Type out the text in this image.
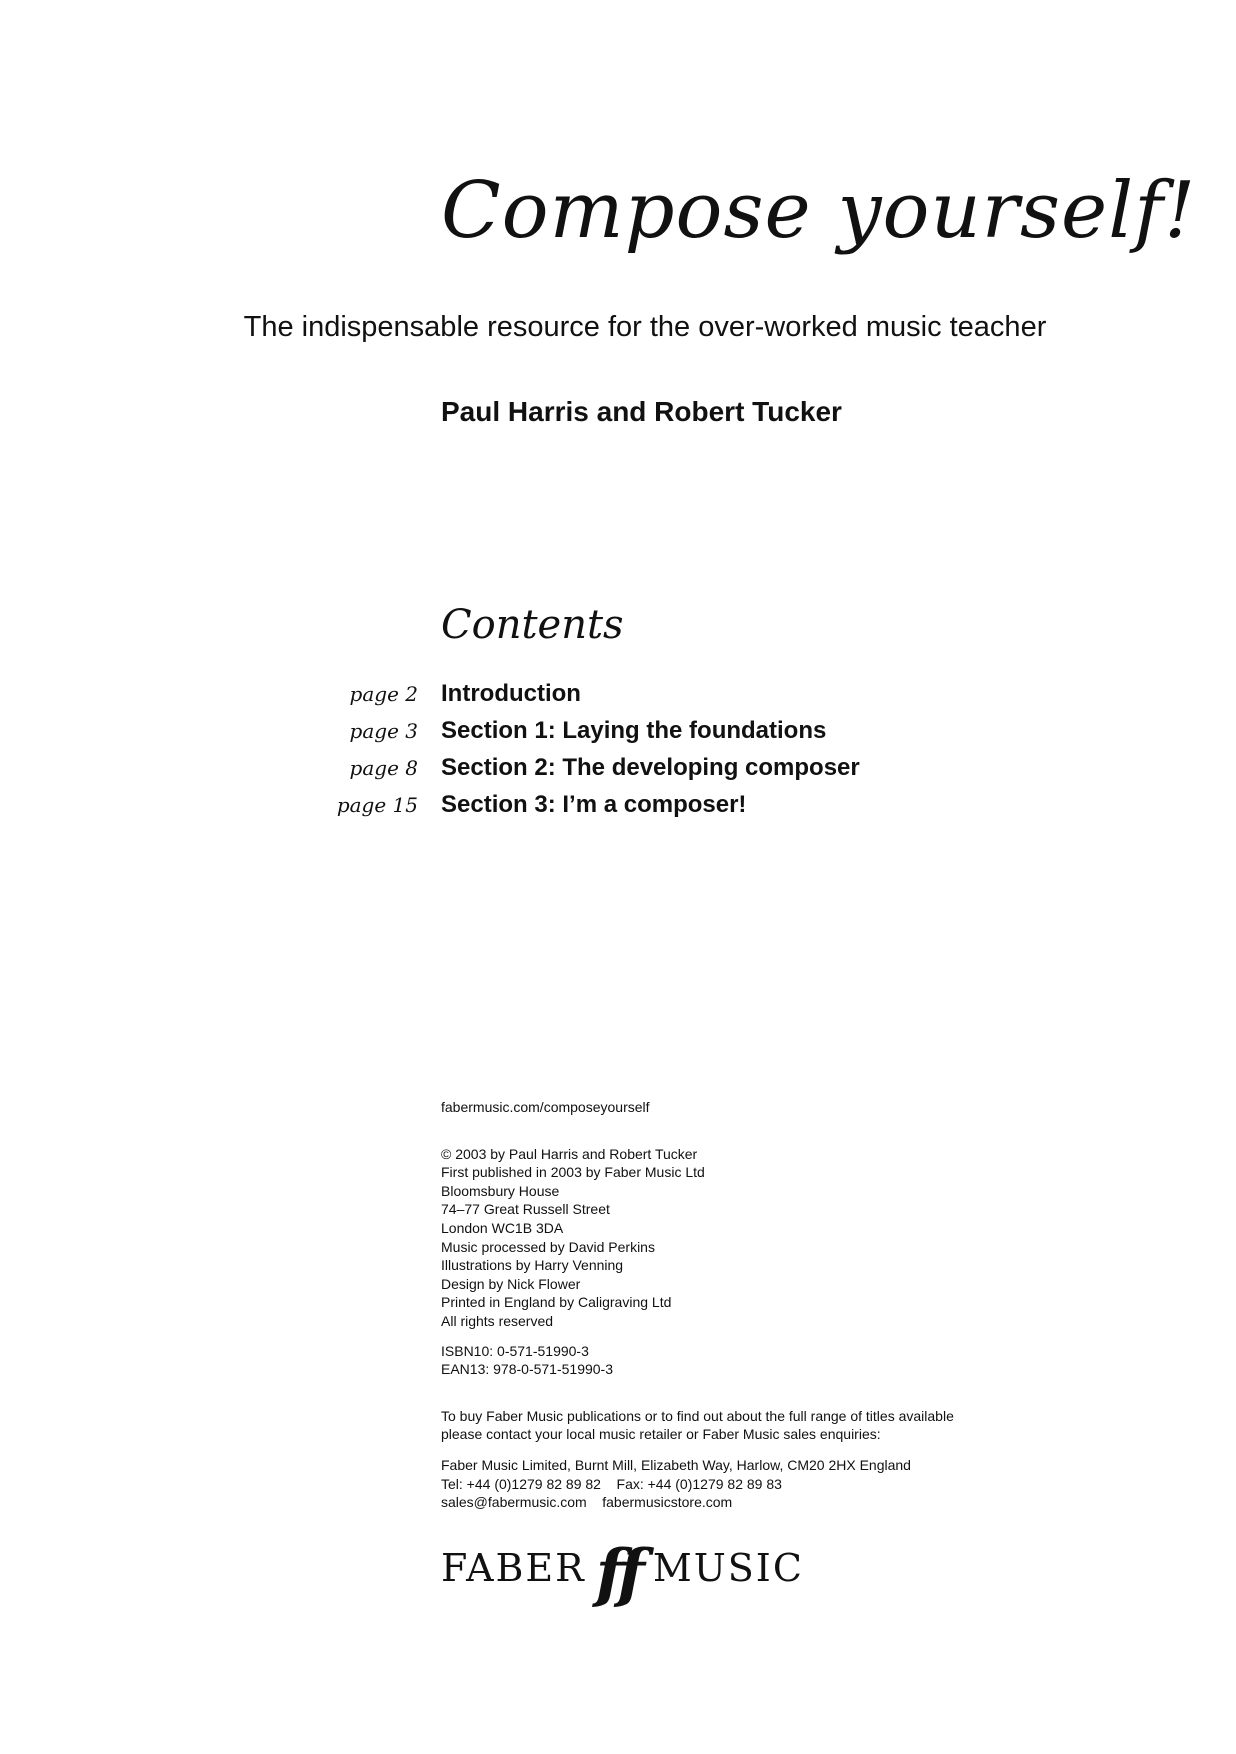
Compose yourself!

The indispensable resource for the over-worked music teacher

Paul Harris and Robert Tucker

Contents
page 2 Introduction
page 3 Section 1: Laying the foundations
page 8 Section 2: The developing composer
page 15 Section 3: I’m a composer!
fabermusic.com/composeyourself
© 2003 by Paul Harris and Robert Tucker
First published in 2003 by Faber Music Ltd
Bloomsbury House
74–77 Great Russell Street
London WC1B 3DA
Music processed by David Perkins
Illustrations by Harry Venning
Design by Nick Flower
Printed in England by Caligraving Ltd
All rights reserved
ISBN10: 0-571-51990-3
EAN13: 978-0-571-51990-3
To buy Faber Music publications or to find out about the full range of titles available
please contact your local music retailer or Faber Music sales enquiries:
Faber Music Limited, Burnt Mill, Elizabeth Way, Harlow, CM20 2HX England
Tel: +44 (0)1279 82 89 82    Fax: +44 (0)1279 82 89 83
sales@fabermusic.com    fabermusicstore.com
FABER ff MUSIC
